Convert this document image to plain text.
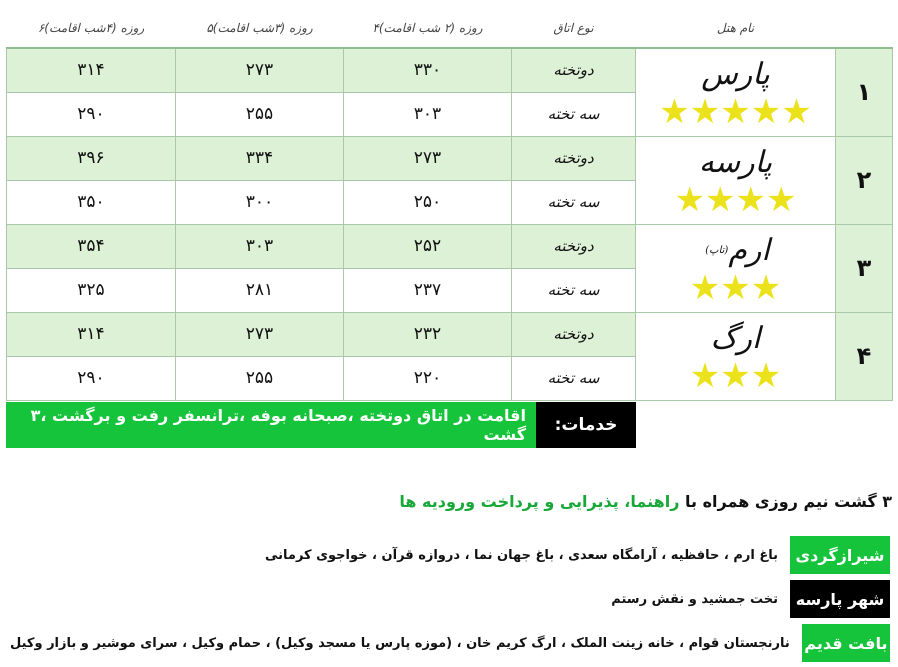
۶روزه (۴شب اقامت)	۵روزه (۳شب اقامت)	۴روزه (۲ شب اقامت)	نوع اتاق	نام هتل	
۳۱۴	۲۷۳	۳۳۰	دوتخته	پارس
★★★★★	۱
۲۹۰	۲۵۵	۳۰۳	سه تخته		
۳۹۶	۳۳۴	۲۷۳	دوتخته	پارسه
★★★★	۲
۳۵۰	۳۰۰	۲۵۰	سه تخته		
۳۵۴	۳۰۳	۲۵۲	دوتخته	$^{(تاپ)}$ارم
★★★	۳
۳۲۵	۲۸۱	۲۳۷	سه تخته		
۳۱۴	۲۷۳	۲۳۲	دوتخته	ارگ
★★★	۴
۲۹۰	۲۵۵	۲۲۰	سه تخته		
اقامت در اتاق دوتخته ،صبحانه بوفه ،ترانسفر رفت و برگشت ،۳ گشت	خدمات:
۳ گشت نیم روزی همراه با راهنما، پذیرایی و پرداخت ورودیه ها
شیرازگردی
باغ ارم ، حافظیه ، آرامگاه سعدی ، باغ جهان نما ، دروازه قرآن ، خواجوی کرمانی
شهر پارسه
تخت جمشید و نقش رستم
بافت قدیم
نارنجستان قوام ، خانه زینت الملک ، ارگ کریم خان ، (موزه پارس یا مسجد وکیل) ، حمام وکیل ، سرای موشیر و بازار وکیل
